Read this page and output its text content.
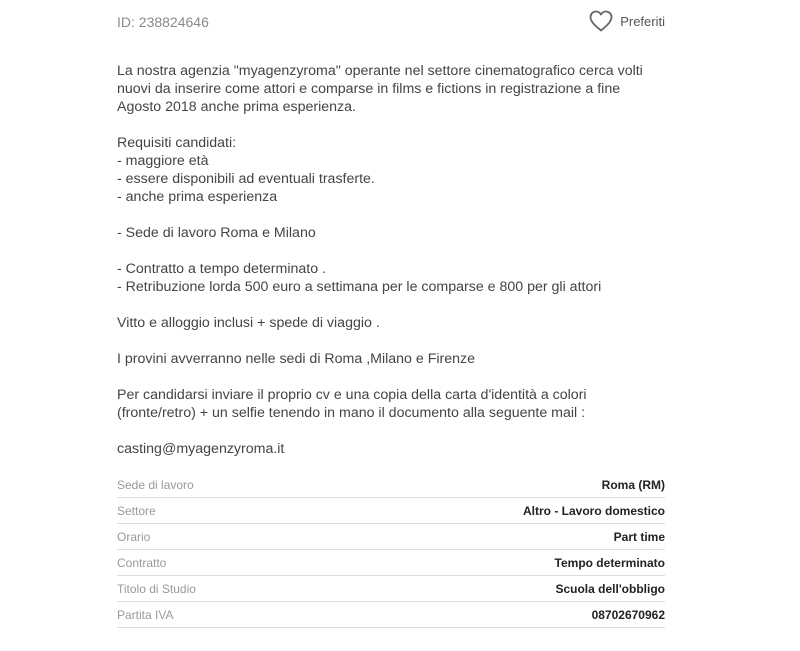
ID: 238824646	Preferiti

La nostra agenzia "myagenzyroma" operante nel settore cinematografico cerca volti nuovi da inserire come attori e comparse in films e fictions in registrazione a fine Agosto 2018 anche prima esperienza.

Requisiti candidati:

- maggiore età

- essere disponibili ad eventuali trasferte.

- anche prima esperienza

- Sede di lavoro Roma e Milano

- Contratto a tempo determinato .

- Retribuzione lorda 500 euro a settimana per le comparse e 800 per gli attori

Vitto e alloggio inclusi + spede di viaggio .

I provini avverranno nelle sedi di Roma ,Milano e Firenze

Per candidarsi inviare il proprio cv e una copia della carta d'identità a colori (fronte/retro) + un selfie tenendo in mano il documento alla seguente mail :

casting@myagenzyroma.it

Sede di lavoro	Roma (RM)
Settore	Altro - Lavoro domestico
Orario	Part time
Contratto	Tempo determinato
Titolo di Studio	Scuola dell'obbligo
Partita IVA	08702670962
